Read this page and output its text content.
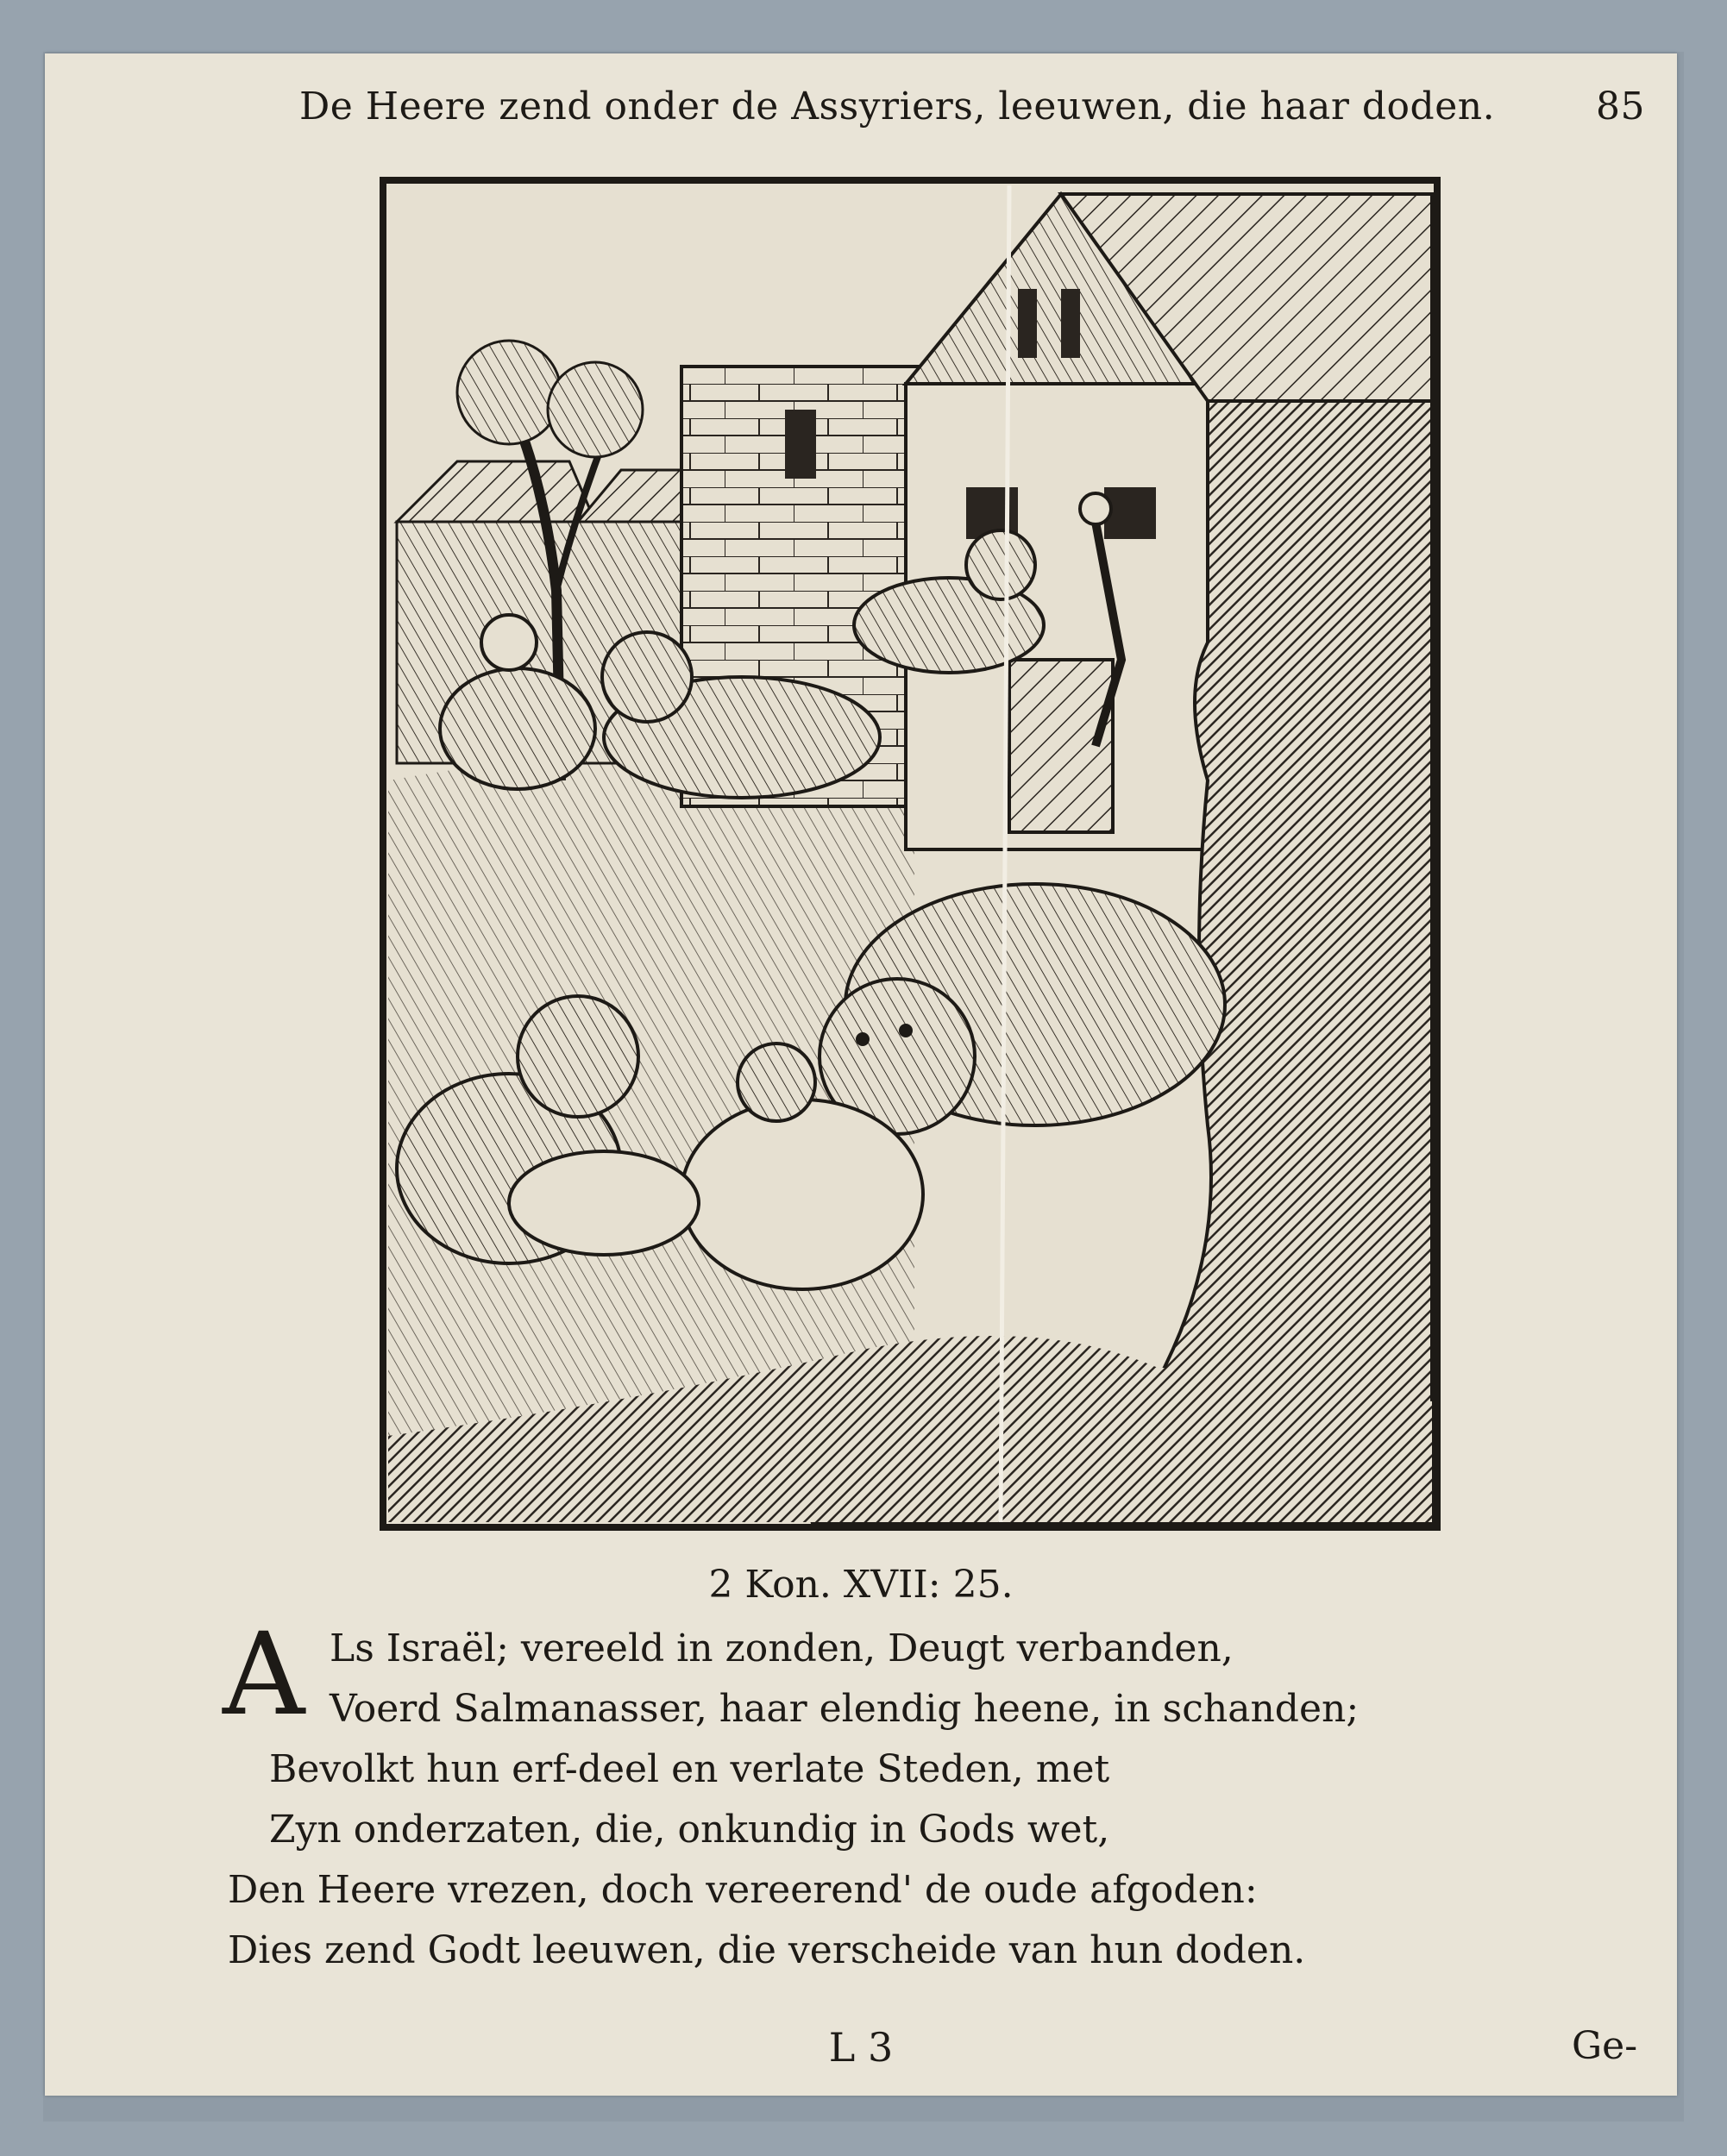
De Heere zend onder de Assyriers, leeuwen, die haar doden.	85
2 Kon. XVII: 25.
A Ls Israël; vereeld in zonden, Deugt verbanden,
Voerd Salmanasser, haar elendig heene, in schanden;
Bevolkt hun erf-deel en verlate Steden, met
Zyn onderzaten, die, onkundig in Gods wet,
Den Heere vrezen, doch vereerend' de oude afgoden:
Dies zend Godt leeuwen, die verscheide van hun doden.
L 3	Ge-
